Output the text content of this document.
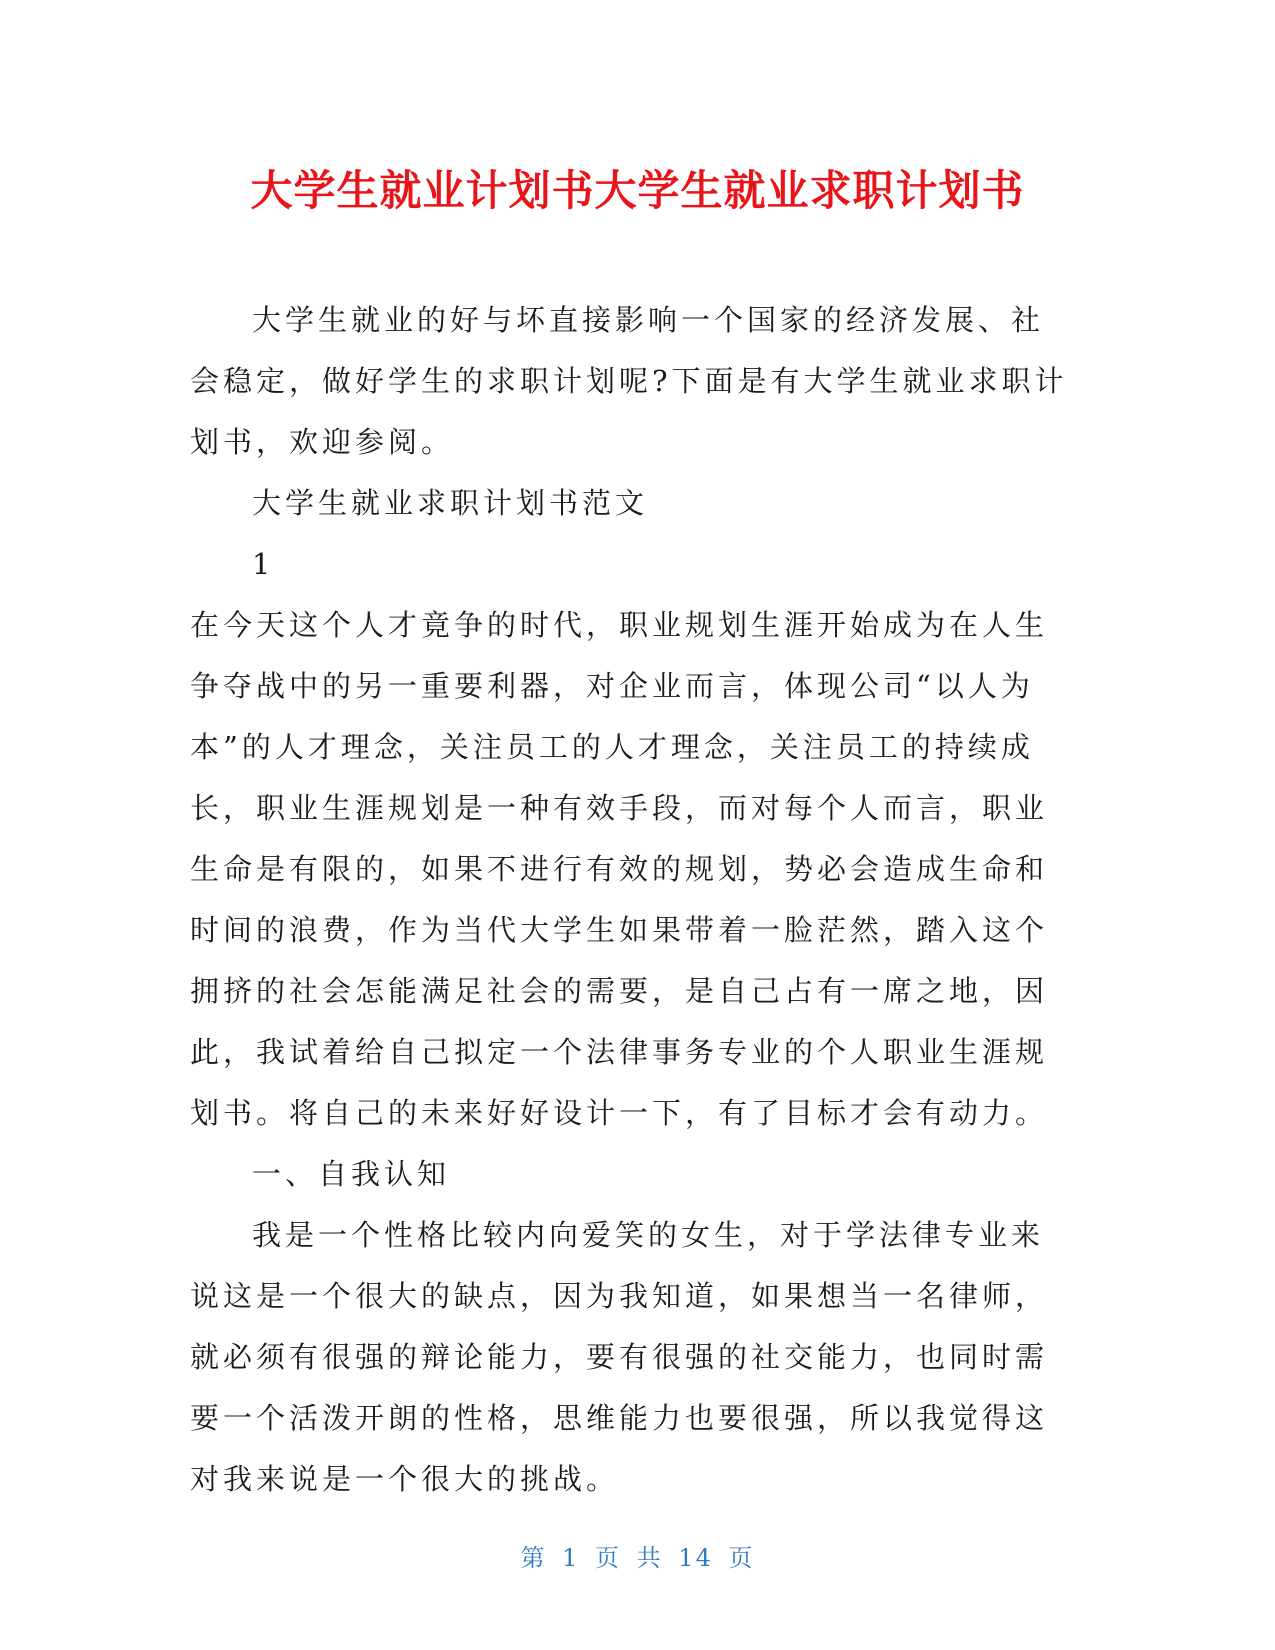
大学生就业计划书大学生就业求职计划书

大学生就业的好与坏直接影响一个国家的经济发展、社会稳定，做好学生的求职计划呢?下面是有大学生就业求职计划书，欢迎参阅。

大学生就业求职计划书范文

1

在今天这个人才竟争的时代，职业规划生涯开始成为在人生争夺战中的另一重要利器，对企业而言，体现公司“以人为本”的人才理念，关注员工的人才理念，关注员工的持续成长，职业生涯规划是一种有效手段，而对每个人而言，职业生命是有限的，如果不进行有效的规划，势必会造成生命和时间的浪费，作为当代大学生如果带着一脸茫然，踏入这个拥挤的社会怎能满足社会的需要，是自己占有一席之地，因此，我试着给自己拟定一个法律事务专业的个人职业生涯规划书。将自己的未来好好设计一下，有了目标才会有动力。

一、自我认知

我是一个性格比较内向爱笑的女生，对于学法律专业来说这是一个很大的缺点，因为我知道，如果想当一名律师，就必须有很强的辩论能力，要有很强的社交能力，也同时需要一个活泼开朗的性格，思维能力也要很强，所以我觉得这对我来说是一个很大的挑战。

第 1 页 共 14 页
